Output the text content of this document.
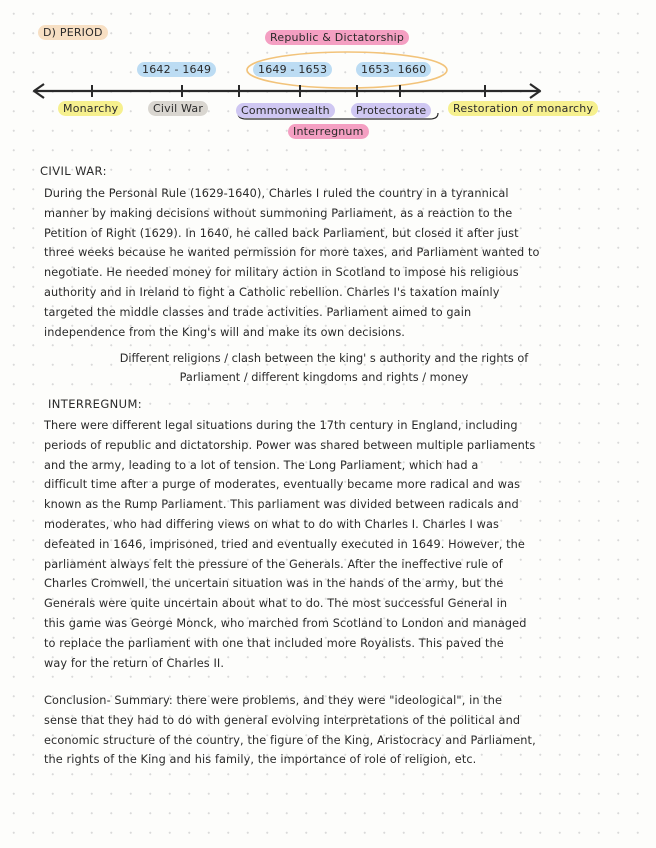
D) PERIOD	Republic & Dictatorship
1642 - 1649	1649 - 1653	1653- 1660
Monarchy	Civil War	Commonwealth	Protectorate	Restoration of monarchy
Interregnum
CIVIL WAR:
During the Personal Rule (1629-1640), Charles I ruled the country in a tyrannical
manner by making decisions without summoning Parliament, as a reaction to the
Petition of Right (1629). In 1640, he called back Parliament, but closed it after just
three weeks because he wanted permission for more taxes, and Parliament wanted to
negotiate. He needed money for military action in Scotland to impose his religious
authority and in Ireland to fight a Catholic rebellion. Charles I's taxation mainly
targeted the middle classes and trade activities. Parliament aimed to gain
independence from the King's will and make its own decisions.
Different religions / clash between the king' s authority and the rights of
Parliament / different kingdoms and rights / money
INTERREGNUM:
There were different legal situations during the 17th century in England, including
periods of republic and dictatorship. Power was shared between multiple parliaments
and the army, leading to a lot of tension. The Long Parliament, which had a
difficult time after a purge of moderates, eventually became more radical and was
known as the Rump Parliament. This parliament was divided between radicals and
moderates, who had differing views on what to do with Charles I. Charles I was
defeated in 1646, imprisoned, tried and eventually executed in 1649. However, the
parliament always felt the pressure of the Generals. After the ineffective rule of
Charles Cromwell, the uncertain situation was in the hands of the army, but the
Generals were quite uncertain about what to do. The most successful General in
this game was George Monck, who marched from Scotland to London and managed
to replace the parliament with one that included more Royalists. This paved the
way for the return of Charles II.
Conclusion- Summary: there were problems, and they were "ideological", in the
sense that they had to do with general evolving interpretations of the political and
economic structure of the country, the figure of the King, Aristocracy and Parliament,
the rights of the King and his family, the importance of role of religion, etc.
